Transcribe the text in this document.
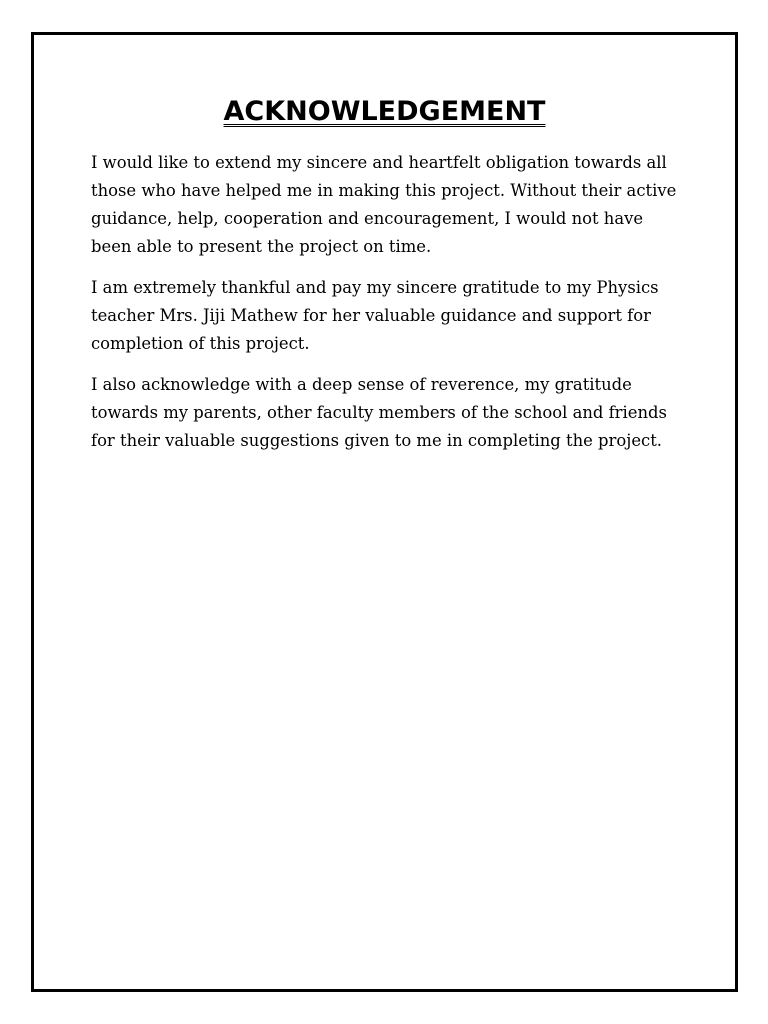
ACKNOWLEDGEMENT

I would like to extend my sincere and heartfelt obligation towards all those who have helped me in making this project. Without their active guidance, help, cooperation and encouragement, I would not have been able to present the project on time.

I am extremely thankful and pay my sincere gratitude to my Physics teacher Mrs. Jiji Mathew for her valuable guidance and support for completion of this project.

I also acknowledge with a deep sense of reverence, my gratitude towards my parents, other faculty members of the school and friends for their valuable suggestions given to me in completing the project.
